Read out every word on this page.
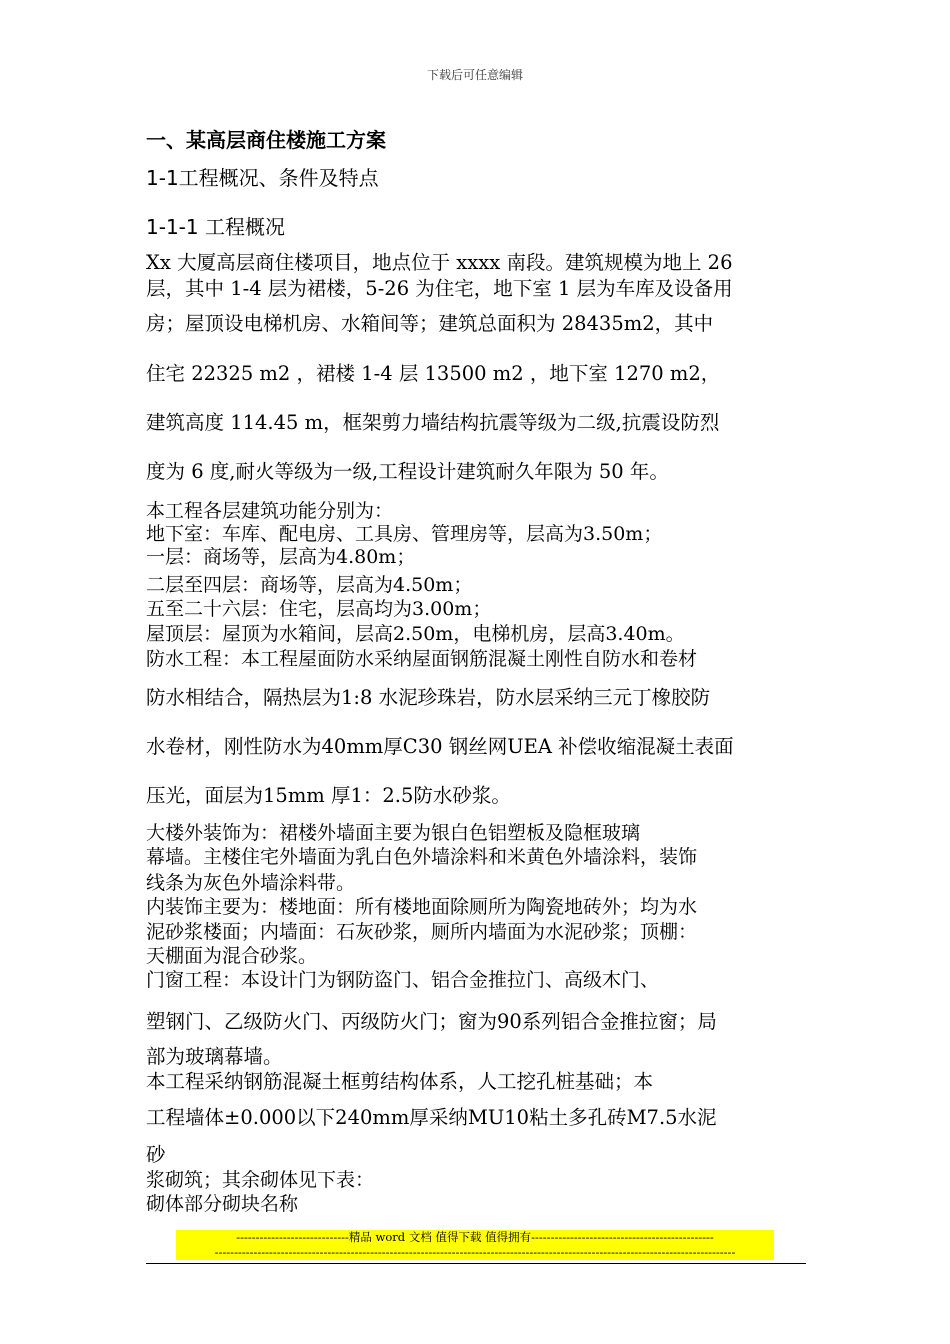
下载后可任意编辑
一、某高层商住楼施工方案
1-1工程概况、条件及特点
1-1-1 工程概况
Xx 大厦高层商住楼项目，地点位于 xxxx 南段。建筑规模为地上 26
层，其中 1-4 层为裙楼，5-26 为住宅，地下室 1 层为车库及设备用
房；屋顶设电梯机房、水箱间等；建筑总面积为 28435m2，其中
住宅 22325 m2 ，裙楼 1-4 层 13500 m2 ，地下室 1270 m2，
建筑高度 114.45 m，框架剪力墙结构抗震等级为二级,抗震设防烈
度为 6 度,耐火等级为一级,工程设计建筑耐久年限为 50 年。
本工程各层建筑功能分别为：
地下室：车库、配电房、工具房、管理房等，层高为3.50m；
一层：商场等，层高为4.80m；
二层至四层：商场等，层高为4.50m；
五至二十六层：住宅，层高均为3.00m；
屋顶层：屋顶为水箱间，层高2.50m，电梯机房，层高3.40m。
防水工程：本工程屋面防水采纳屋面钢筋混凝土刚性自防水和卷材
防水相结合，隔热层为1:8 水泥珍珠岩，防水层采纳三元丁橡胶防
水卷材，刚性防水为40mm厚C30 钢丝网UEA 补偿收缩混凝土表面
压光，面层为15mm 厚1：2.5防水砂浆。
大楼外装饰为：裙楼外墙面主要为银白色铝塑板及隐框玻璃
幕墙。主楼住宅外墙面为乳白色外墙涂料和米黄色外墙涂料，装饰
线条为灰色外墙涂料带。
内装饰主要为：楼地面：所有楼地面除厕所为陶瓷地砖外；均为水
泥砂浆楼面；内墙面：石灰砂浆，厕所内墙面为水泥砂浆；顶棚：
天棚面为混合砂浆。
门窗工程：本设计门为钢防盗门、铝合金推拉门、高级木门、
塑钢门、乙级防火门、丙级防火门；窗为90系列铝合金推拉窗；局
部为玻璃幕墙。
本工程采纳钢筋混凝土框剪结构体系，人工挖孔桩基础；本
工程墙体±0.000以下240mm厚采纳MU10粘土多孔砖M7.5水泥
砂
浆砌筑；其余砌体见下表：
砌体部分砌块名称
-----------------------------精品 word 文档 值得下载 值得拥有-----------------------------------------------
--------------------------------------------------------------------------------------------------------------------------------------
